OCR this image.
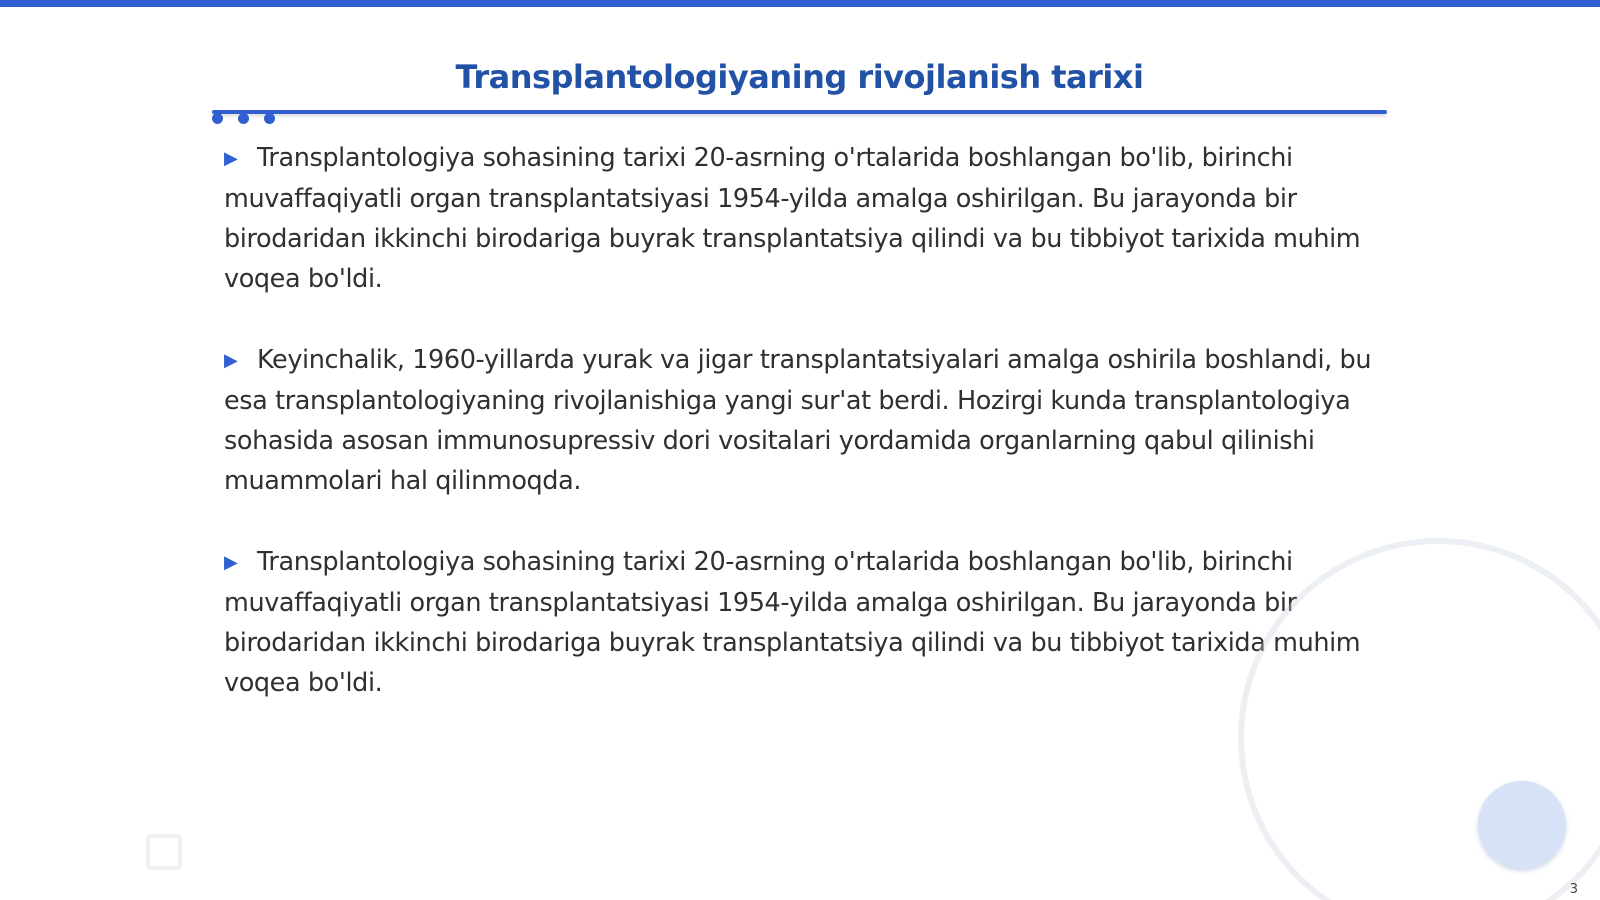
Transplantologiyaning rivojlanish tarixi

▶ Transplantologiya sohasining tarixi 20-asrning o'rtalarida boshlangan bo'lib, birinchi muvaffaqiyatli organ transplantatsiyasi 1954-yilda amalga oshirilgan. Bu jarayonda bir birodaridan ikkinchi birodariga buyrak transplantatsiya qilindi va bu tibbiyot tarixida muhim voqea bo'ldi.

▶ Keyinchalik, 1960-yillarda yurak va jigar transplantatsiyalari amalga oshirila boshlandi, bu esa transplantologiyaning rivojlanishiga yangi sur'at berdi. Hozirgi kunda transplantologiya sohasida asosan immunosupressiv dori vositalari yordamida organlarning qabul qilinishi muammolari hal qilinmoqda.

▶ Transplantologiya sohasining tarixi 20-asrning o'rtalarida boshlangan bo'lib, birinchi muvaffaqiyatli organ transplantatsiyasi 1954-yilda amalga oshirilgan. Bu jarayonda bir birodaridan ikkinchi birodariga buyrak transplantatsiya qilindi va bu tibbiyot tarixida muhim voqea bo'ldi.

3
